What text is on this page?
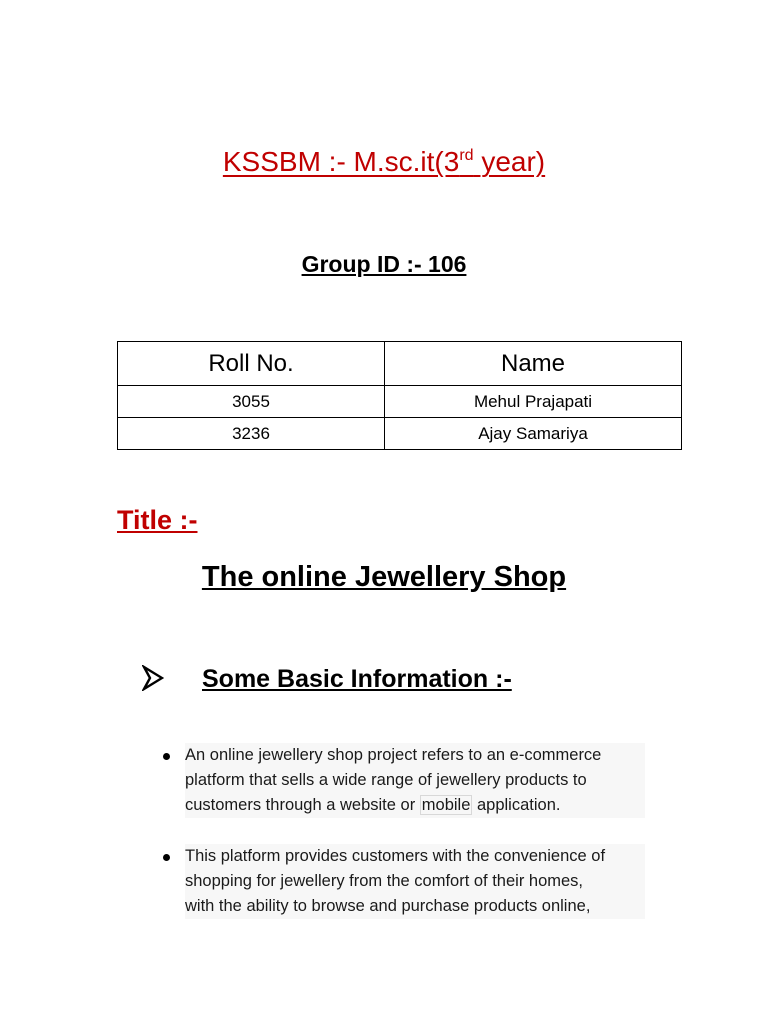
KSSBM :- M.sc.it(3rd year)
Group ID :- 106
Roll No.	Name
3055	Mehul Prajapati
3236	Ajay Samariya
Title :-
The online Jewellery Shop
Some Basic Information :-
An online jewellery shop project refers to an e-commerce
platform that sells a wide range of jewellery products to
customers through a website or mobile application.
This platform provides customers with the convenience of
shopping for jewellery from the comfort of their homes,
with the ability to browse and purchase products online,
